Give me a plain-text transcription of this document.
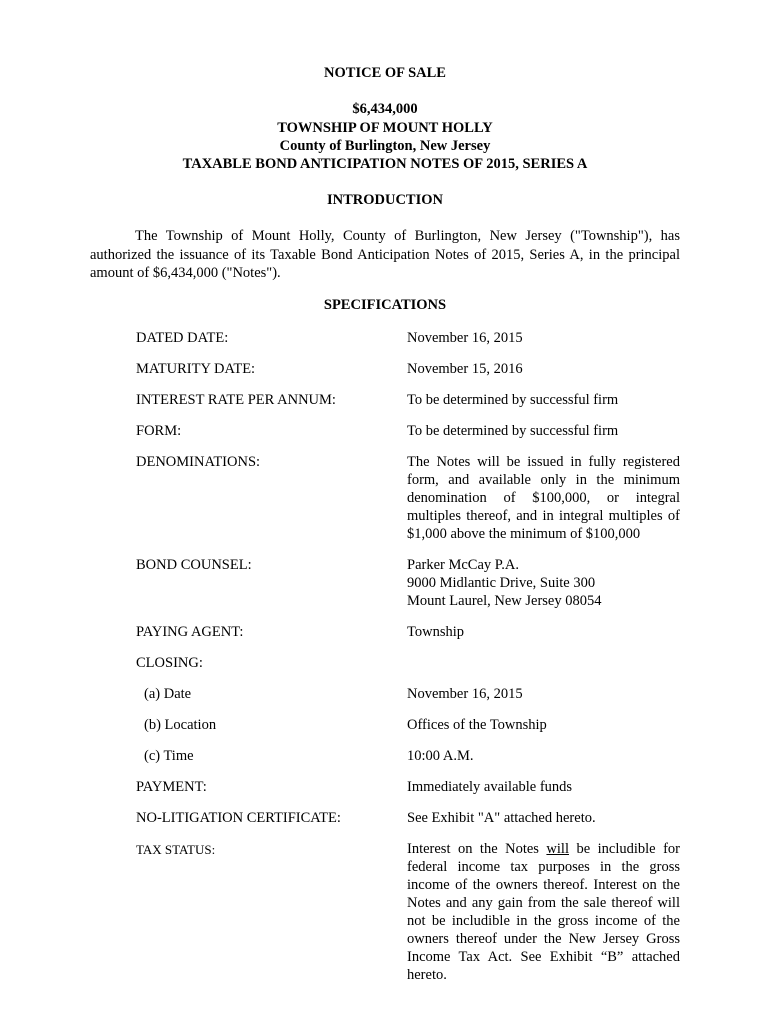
NOTICE OF SALE
$6,434,000
TOWNSHIP OF MOUNT HOLLY
County of Burlington, New Jersey
TAXABLE BOND ANTICIPATION NOTES OF 2015, SERIES A
INTRODUCTION
The Township of Mount Holly, County of Burlington, New Jersey ("Township"), has authorized the issuance of its Taxable Bond Anticipation Notes of 2015, Series A, in the principal amount of $6,434,000 ("Notes").
SPECIFICATIONS
DATED DATE:	November 16, 2015
MATURITY DATE:	November 15, 2016
INTEREST RATE PER ANNUM:	To be determined by successful firm
FORM:	To be determined by successful firm
DENOMINATIONS:	The Notes will be issued in fully registered form, and available only in the minimum denomination of $100,000, or integral multiples thereof, and in integral multiples of $1,000 above the minimum of $100,000
BOND COUNSEL:	Parker McCay P.A.
9000 Midlantic Drive, Suite 300
Mount Laurel, New Jersey 08054
PAYING AGENT:	Township
CLOSING:
(a) Date	November 16, 2015
(b) Location	Offices of the Township
(c) Time	10:00 A.M.
PAYMENT:	Immediately available funds
NO-LITIGATION CERTIFICATE:	See Exhibit "A" attached hereto.
TAX STATUS:	Interest on the Notes will be includible for federal income tax purposes in the gross income of the owners thereof. Interest on the Notes and any gain from the sale thereof will not be includible in the gross income of the owners thereof under the New Jersey Gross Income Tax Act. See Exhibit “B” attached hereto.
